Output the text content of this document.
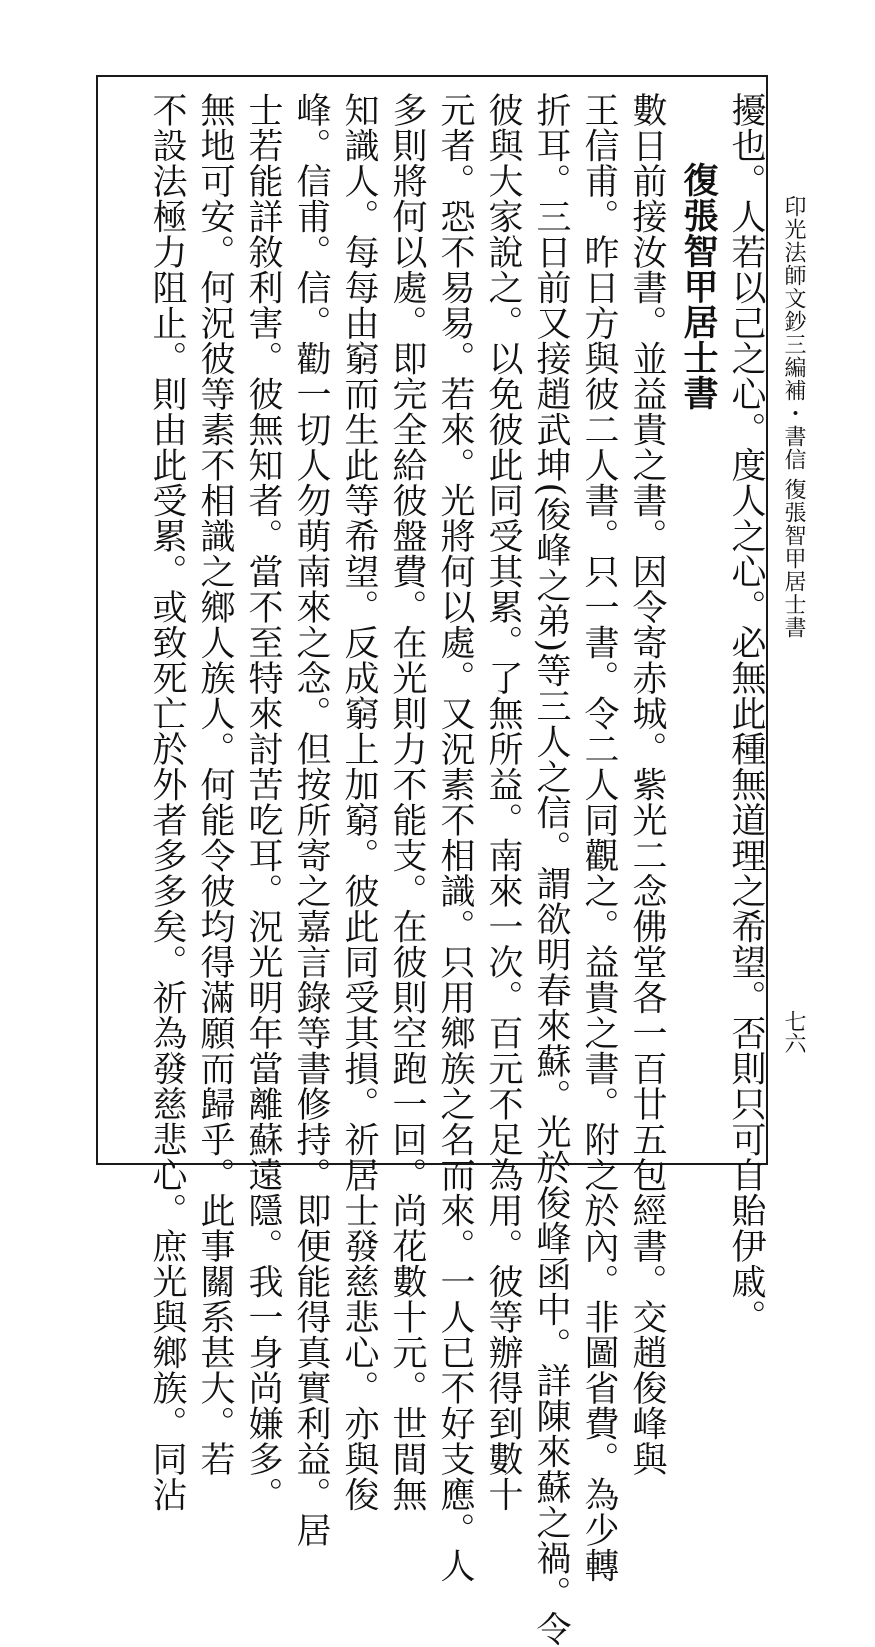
印光法師文鈔三編補・書信
復張智甲居士書
七六
擾也。人若以己之心。度人之心。必無此種無道理之希望。否則只可自貽伊戚。
復張智甲居士書
數日前接汝書。並益貴之書。因令寄赤城。紫光二念佛堂各一百廿五包經書。交趙俊峰與
王信甫。昨日方與彼二人書。只一書。令二人同觀之。益貴之書。附之於內。非圖省費。為少轉
折耳。三日前又接趙武坤(俊峰之弟)等三人之信。謂欲明春來蘇。光於俊峰函中。詳陳來蘇之禍。令
彼與大家說之。以免彼此同受其累。了無所益。南來一次。百元不足為用。彼等辦得到數十
元者。恐不易易。若來。光將何以處。又況素不相識。只用鄉族之名而來。一人已不好支應。人
多則將何以處。即完全給彼盤費。在光則力不能支。在彼則空跑一回。尚花數十元。世間無
知識人。每每由窮而生此等希望。反成窮上加窮。彼此同受其損。祈居士發慈悲心。亦與俊
峰。信甫。信。勸一切人勿萌南來之念。但按所寄之嘉言錄等書修持。即便能得真實利益。居
士若能詳敘利害。彼無知者。當不至特來討苦吃耳。況光明年當離蘇遠隱。我一身尚嫌多。
無地可安。何況彼等素不相識之鄉人族人。何能令彼均得滿願而歸乎。此事關系甚大。若
不設法極力阻止。則由此受累。或致死亡於外者多多矣。祈為發慈悲心。庶光與鄉族。同沾
